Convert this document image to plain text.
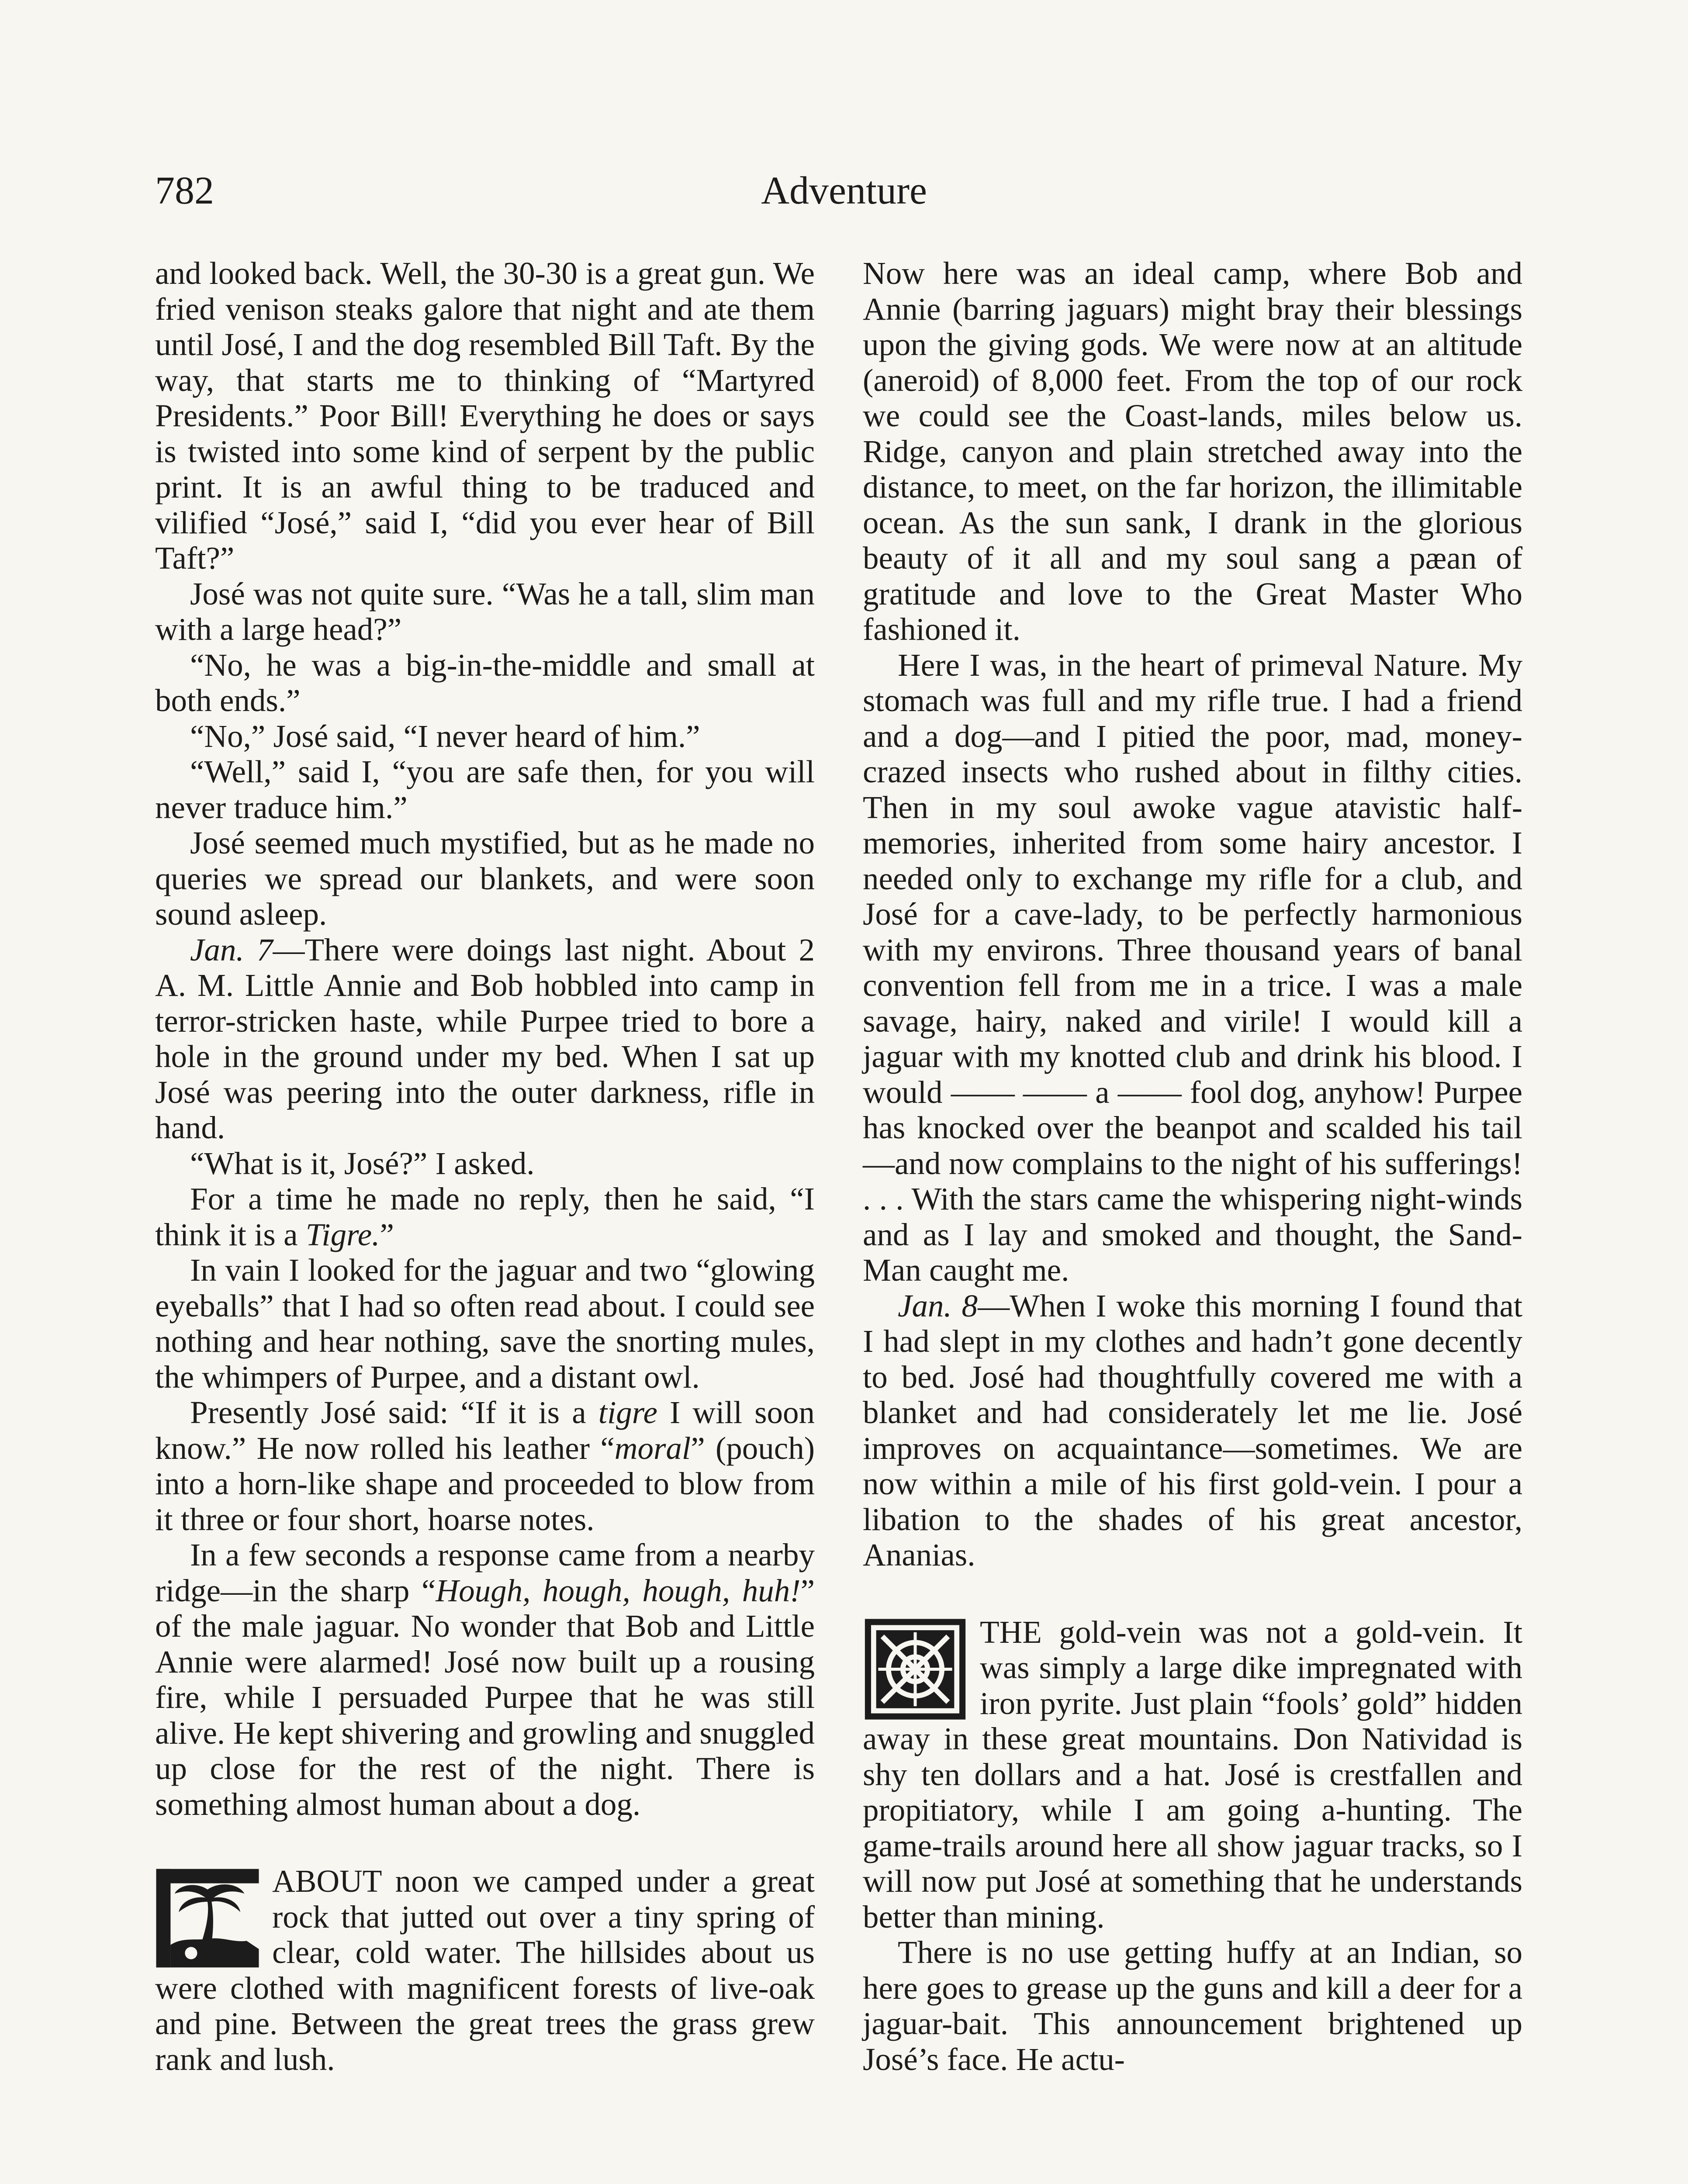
782	Adventure

and looked back. Well, the 30-30 is a great gun. We fried venison steaks galore that night and ate them until José, I and the dog resembled Bill Taft. By the way, that starts me to thinking of “Martyred Presidents.” Poor Bill! Everything he does or says is twisted into some kind of serpent by the public print. It is an awful thing to be traduced and vilified “José,” said I, “did you ever hear of Bill Taft?”

José was not quite sure. “Was he a tall, slim man with a large head?”

“No, he was a big-in-the-middle and small at both ends.”

“No,” José said, “I never heard of him.”

“Well,” said I, “you are safe then, for you will never traduce him.”

José seemed much mystified, but as he made no queries we spread our blankets, and were soon sound asleep.

Jan. 7—There were doings last night. About 2 A. M. Little Annie and Bob hobbled into camp in terror-stricken haste, while Purpee tried to bore a hole in the ground under my bed. When I sat up José was peering into the outer darkness, rifle in hand.

“What is it, José?” I asked.

For a time he made no reply, then he said, “I think it is a Tigre.”

In vain I looked for the jaguar and two “glowing eyeballs” that I had so often read about. I could see nothing and hear nothing, save the snorting mules, the whimpers of Purpee, and a distant owl.

Presently José said: “If it is a tigre I will soon know.” He now rolled his leather “moral” (pouch) into a horn-like shape and proceeded to blow from it three or four short, hoarse notes.

In a few seconds a response came from a nearby ridge—in the sharp “Hough, hough, hough, huh!” of the male jaguar. No wonder that Bob and Little Annie were alarmed! José now built up a rousing fire, while I persuaded Purpee that he was still alive. He kept shivering and growling and snuggled up close for the rest of the night. There is something almost human about a dog.

ABOUT noon we camped under a great rock that jutted out over a tiny spring of clear, cold water. The hillsides about us were clothed with magnificent forests of live-oak and pine. Between the great trees the grass grew rank and lush.

Now here was an ideal camp, where Bob and Annie (barring jaguars) might bray their blessings upon the giving gods. We were now at an altitude (aneroid) of 8,000 feet. From the top of our rock we could see the Coast-lands, miles below us. Ridge, canyon and plain stretched away into the distance, to meet, on the far horizon, the illimitable ocean. As the sun sank, I drank in the glorious beauty of it all and my soul sang a pæan of gratitude and love to the Great Master Who fashioned it.

Here I was, in the heart of primeval Nature. My stomach was full and my rifle true. I had a friend and a dog—and I pitied the poor, mad, money-crazed insects who rushed about in filthy cities. Then in my soul awoke vague atavistic half-memories, inherited from some hairy ancestor. I needed only to exchange my rifle for a club, and José for a cave-lady, to be perfectly harmonious with my environs. Three thousand years of banal convention fell from me in a trice. I was a male savage, hairy, naked and virile! I would kill a jaguar with my knotted club and drink his blood. I would —— —— a —— fool dog, anyhow! Purpee has knocked over the beanpot and scalded his tail—and now complains to the night of his sufferings! . . . With the stars came the whispering night-winds and as I lay and smoked and thought, the Sand-Man caught me.

Jan. 8—When I woke this morning I found that I had slept in my clothes and hadn’t gone decently to bed. José had thoughtfully covered me with a blanket and had considerately let me lie. José improves on acquaintance—sometimes. We are now within a mile of his first gold-vein. I pour a libation to the shades of his great ancestor, Ananias.

THE gold-vein was not a gold-vein. It was simply a large dike impregnated with iron pyrite. Just plain “fools’ gold” hidden away in these great mountains. Don Natividad is shy ten dollars and a hat. José is crestfallen and propitiatory, while I am going a-hunting. The game-trails around here all show jaguar tracks, so I will now put José at something that he understands better than mining.

There is no use getting huffy at an Indian, so here goes to grease up the guns and kill a deer for a jaguar-bait. This announcement brightened up José’s face. He actu-
